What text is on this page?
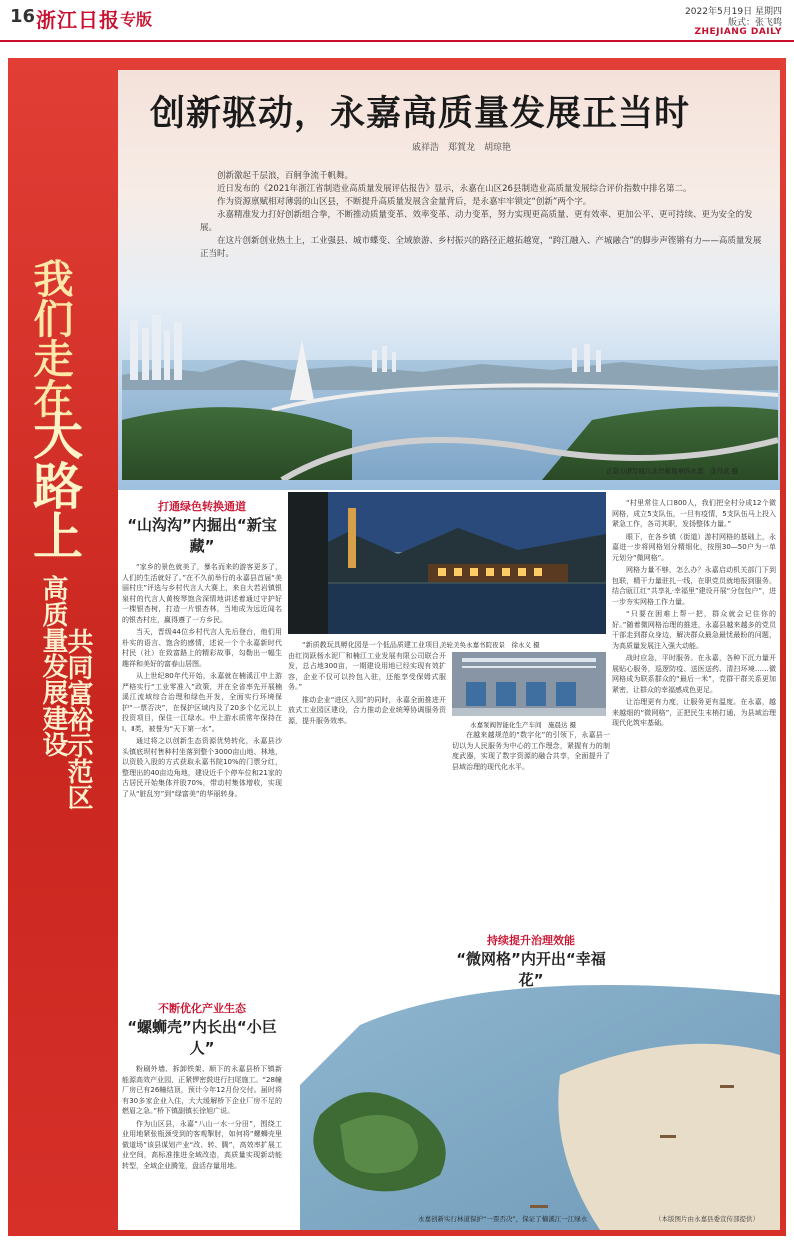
16 浙江日报 专版	2022年5月19日 星期四
版式：张飞鸣
ZHEJIANG DAILY
我们走在
大路上
高质量发展建设
共同富裕示范区
创新驱动，永嘉高质量发展正当时
戚祥浩　郑賀龙　胡琼艳

创新激起千层浪，百舸争流千帆舞。

近日发布的《2021年浙江省制造业高质量发展评估报告》显示，永嘉在山区26县制造业高质量发展综合评价指数中排名第二。

作为资源禀赋相对薄弱的山区县，不断提升高质量发展含金量背后，是永嘉牢牢锁定“创新”两个字。

永嘉精准发力打好创新组合拳，不断推动质量变革、效率变革、动力变革，努力实现更高质量、更有效率、更加公平、更可持续、更为安全的发展。

在这片创新创业热土上，工业强县、城市蝶变、全域旅游、乡村振兴的路径正越拓越宽，“跨江融入、产城融合”的脚步声铿锵有力——高质量发展正当时。

正奋力谱写瓯江北岸新篇章的永嘉　金丹武 摄
打通绿色转换通道
“山沟沟”内掘出“新宝藏”

“家乡的景色就美了，暴名而来的游客更多了，人们的生活就好了。”在不久前举行的永嘉县首届“美丽村庄”评选与乡村代言人大赛上，来自大若岩镇银泉村的代言人黄梭琴饱含深情地讲述着通过守护好一棵银杏树，打造一片银杏林，当地成为远近闻名的银杏村庄，赢得遵了一方乡民。

当天，晋级44位乡村代言人先后登台，他们用朴实的语言、饱含的感情，述说一个个永嘉新时代村民（社）在致富路上的精彩故事，勾勒出一幅生趣祥和美好的富春山居图。

从上世纪80年代开始，永嘉就在楠溪江中上游严格实行“工业零准入”政策，并在全省率先开展楠溪江流域综合治理和绿色开发，全面实行环境保护“一票否决”，在保护区域内及了20多个亿元以上投资项目，保住一江绿水。中上游水质常年保持在Ⅰ、Ⅱ类，被誉为“天下第一水”。

通过将之以创新生态资源优势转化，永嘉县沙头镇底坝村售种村坐落到整个3000亩山地、林地，以资股入股的方式获取永嘉书院10%的门票分红，整理出的40亩边角地，建设近千个停车位和21家的古居民开始集体并股70%，带动村集体增收，实现了从“脏乱穷”到“绿富美”的华丽转身。

不断优化产业生态
“螺蛳壳”内长出“小巨人”

粉刷外墙、拆卸铁架、顺下的永嘉县桥下镇新能源高效产业园，正紧锣密鼓进行扫尾施工。“28幢厂房已有26幢结顶，预计今年12月份交付。届时将有30多家企业入住，大大缓解桥下企业厂房不足的燃眉之急。”桥下镇副镇长徐旭广说。

作为山区县，永嘉“八山一水一分田”，围绕工业用地紧张瓶颈受到的客观掣肘，如何将“螺蛳壳里做道场”该县谋划产业“改、转、腾”，高效率扩展工业空间，高标准推进全域改造，高质量实现新动能转型，全域企业腾笼，盘活存量用地。

美轮美奂永嘉书院夜景　徐永义 摄
永嘉泵阀智能化生产车间　施晨达 摄

“新质教玩具孵化园是一个低品质建工业项目，由红岗跃杨水泥厂和楠江工业发展有限公司联合开发，总占地300亩，一期建设用地已经实现有效扩容，企业不仅可以拎包入驻，还能享受保姆式服务。”

推动企业“进区入园”的同时，永嘉全面推进开放式工业园区建设，合力推动企业统筹协调服务资源，提升服务效率。

在越来越规范的“数字化”的引领下，永嘉县一切以为人民服务为中心的工作理念，紧握有力的制度武器，实现了数字资源的融合共享，全面提升了县域治理的现代化水平。

持续提升治理效能
“微网格”内开出“幸福花”

“村里常住人口800人，我们把全村分成12个微网格，成立5支队伍，一旦有疫情，5支队伍马上投入紧急工作，各司其职，发扬整体力量。”

眼下，在各乡镇（街道）游村网格的基础上，永嘉进一步将网格划分精细化，按照30—50户为一单元划分“微网格”。

网格力量不够，怎么办？永嘉启动机关部门下到包联，精干力量驻扎一线，在职党员就地报到服务。结合瓯江红“共享礼·幸福里”建设开展“分包包户”，进一步夯实网格工作力量。

“只要在困难上帮一把，群众就会记住你的好。”随着微网格治理的推进，永嘉县越来越多的党员干部走到群众身边，解决群众最急最忧最盼的问题，为高质量发展注入强大动能。

战时应急，平时服务。在永嘉，各种下沉力量开展贴心服务，巡逻防疫、送医送药、清扫环境……微网格成为联系群众的“最后一米”，党群干群关系更加紧密，让群众的幸福感成色更足。

让治理更有力度，让服务更有温度。在永嘉，越来越细的“微网格”，正把民生末梢打通，为县域治理现代化筑牢基础。

永嘉创新实行林道保护“一票否决”，保证了楠溪江一江绿水	（本版图片由永嘉县委宣传部提供）
